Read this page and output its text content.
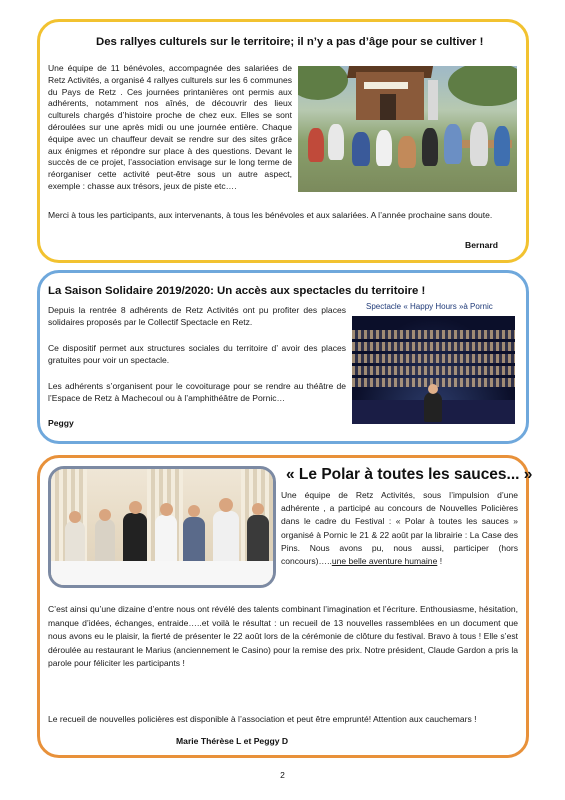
Des rallyes culturels sur le territoire; il n’y a pas d’âge pour se cultiver !
Une équipe de 11 bénévoles, accompagnée des salariées de Retz Activités, a organisé 4 rallyes culturels sur les 6 communes du Pays de Retz . Ces journées printanières ont permis aux adhérents, notamment nos aînés, de découvrir des lieux culturels chargés d’histoire proche de chez eux. Elles se sont déroulées sur une après midi ou une journée entière. Chaque équipe avec un chauffeur devait se rendre sur des sites grâce aux énigmes et répondre sur place à des questions. Devant le succès de ce projet, l’association envisage sur le long terme de réorganiser cette activité peut-être sous un autre aspect, exemple : chasse aux trésors, jeux de piste etc….
Merci à tous les participants, aux intervenants, à tous les bénévoles et aux salariées. A l’année prochaine sans doute.
Bernard
La Saison Solidaire 2019/2020: Un accès aux spectacles du territoire !
Spectacle « Happy Hours »à Pornic
Depuis la rentrée 8 adhérents de Retz Activités ont pu profiter des places solidaires proposés par le Collectif Spectacle en Retz.
Ce dispositif permet aux structures sociales du territoire d’ avoir des places gratuites pour voir un spectacle.
Les adhérents s’organisent pour le covoiturage pour se rendre au théâtre de l’Espace de Retz à Machecoul ou à l’amphithéâtre de Pornic…
Peggy
« Le Polar à toutes les sauces... »
Une équipe de Retz Activités, sous l’impulsion d’une adhérente , a participé au concours de Nouvelles Policières dans le cadre du Festival : « Polar à toutes les sauces » organisé à Pornic le 21 & 22 août par la librairie : La Case des Pins. Nous avons pu, nous aussi, participer (hors concours)…..une belle aventure humaine !
C’est ainsi qu’une dizaine d’entre nous ont révélé des talents combinant l’imagination et l’écriture. Enthousiasme, hésitation, manque d’idées, échanges, entraide…..et voilà le résultat : un recueil de 13 nouvelles rassemblées en un document que nous avons eu le plaisir, la fierté de présenter le 22 août lors de la cérémonie de clôture du festival. Bravo à tous ! Elle s’est déroulée au restaurant le Marius (anciennement le Casino) pour la remise des prix. Notre président, Claude Gardon a pris la parole pour féliciter les participants !
Le recueil de nouvelles policières est disponible à l’association et peut être emprunté! Attention aux cauchemars !
Marie Thérèse L et Peggy D
2
